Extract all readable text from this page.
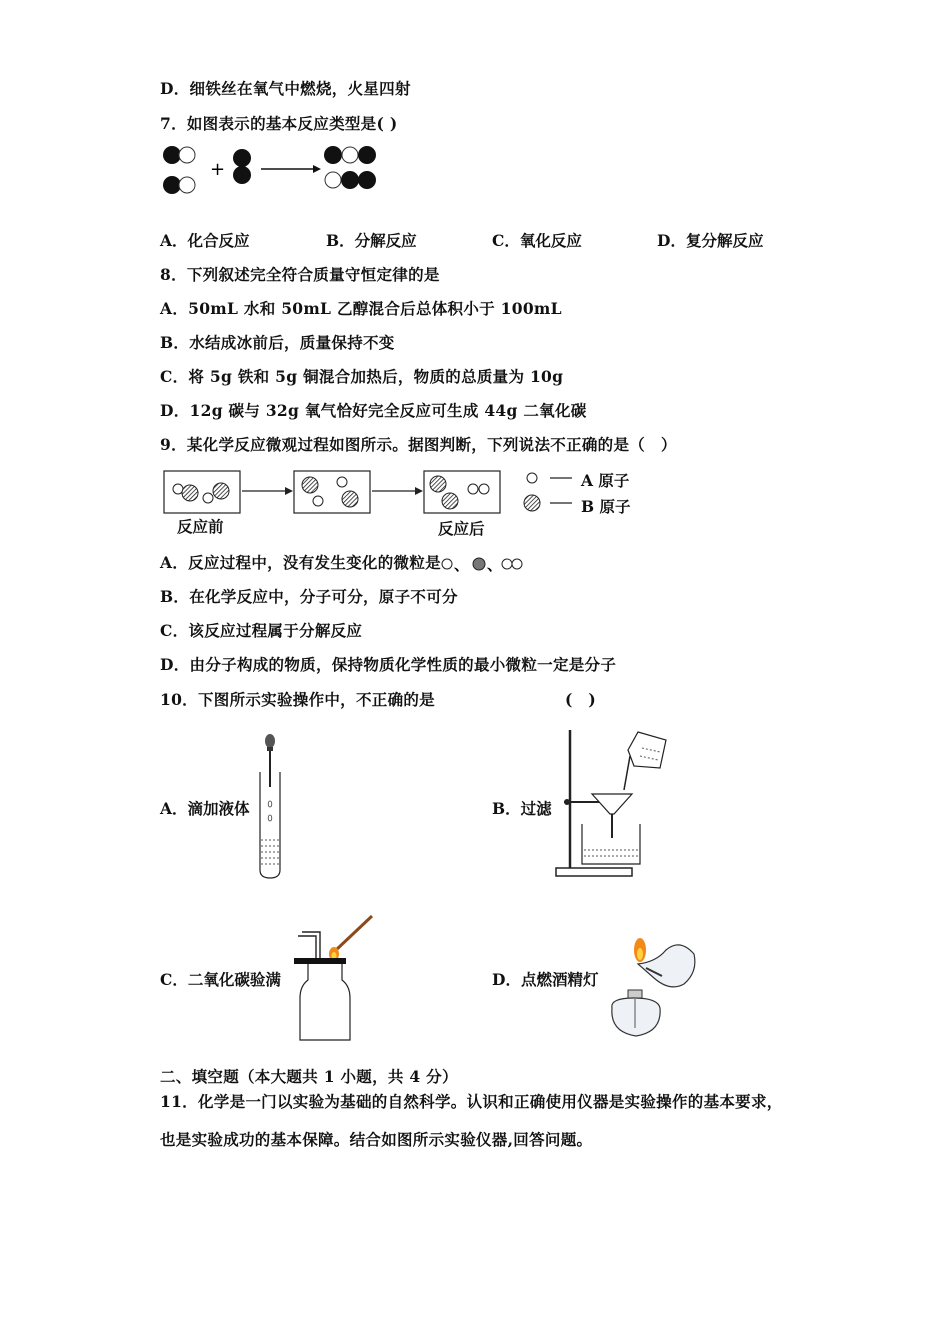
D．细铁丝在氧气中燃烧，火星四射
7．如图表示的基本反应类型是( )
+
A．化合反应	B．分解反应	C．氧化反应	D．复分解反应
8．下列叙述完全符合质量守恒定律的是
A．50mL 水和 50mL 乙醇混合后总体积小于 100mL
B．水结成冰前后，质量保持不变
C．将 5g 铁和 5g 铜混合加热后，物质的总质量为 10g
D．12g 碳与 32g 氧气恰好完全反应可生成 44g 二氧化碳
9．某化学反应微观过程如图所示。据图判断，下列说法不正确的是（　）
反应前	反应后
A 原子
B 原子
A．反应过程中，没有发生变化的微粒是 、 、
B．在化学反应中，分子可分，原子不可分
C．该反应过程属于分解反应
D．由分子构成的物质，保持物质化学性质的最小微粒一定是分子
10．下图所示实验操作中，不正确的是	(　)
A．滴加液体	B．过滤
C．二氧化碳验满	D．点燃酒精灯
二、填空题（本大题共 1 小题，共 4 分）
11．化学是一门以实验为基础的自然科学。认识和正确使用仪器是实验操作的基本要求，
也是实验成功的基本保障。结合如图所示实验仪器,回答问题。
